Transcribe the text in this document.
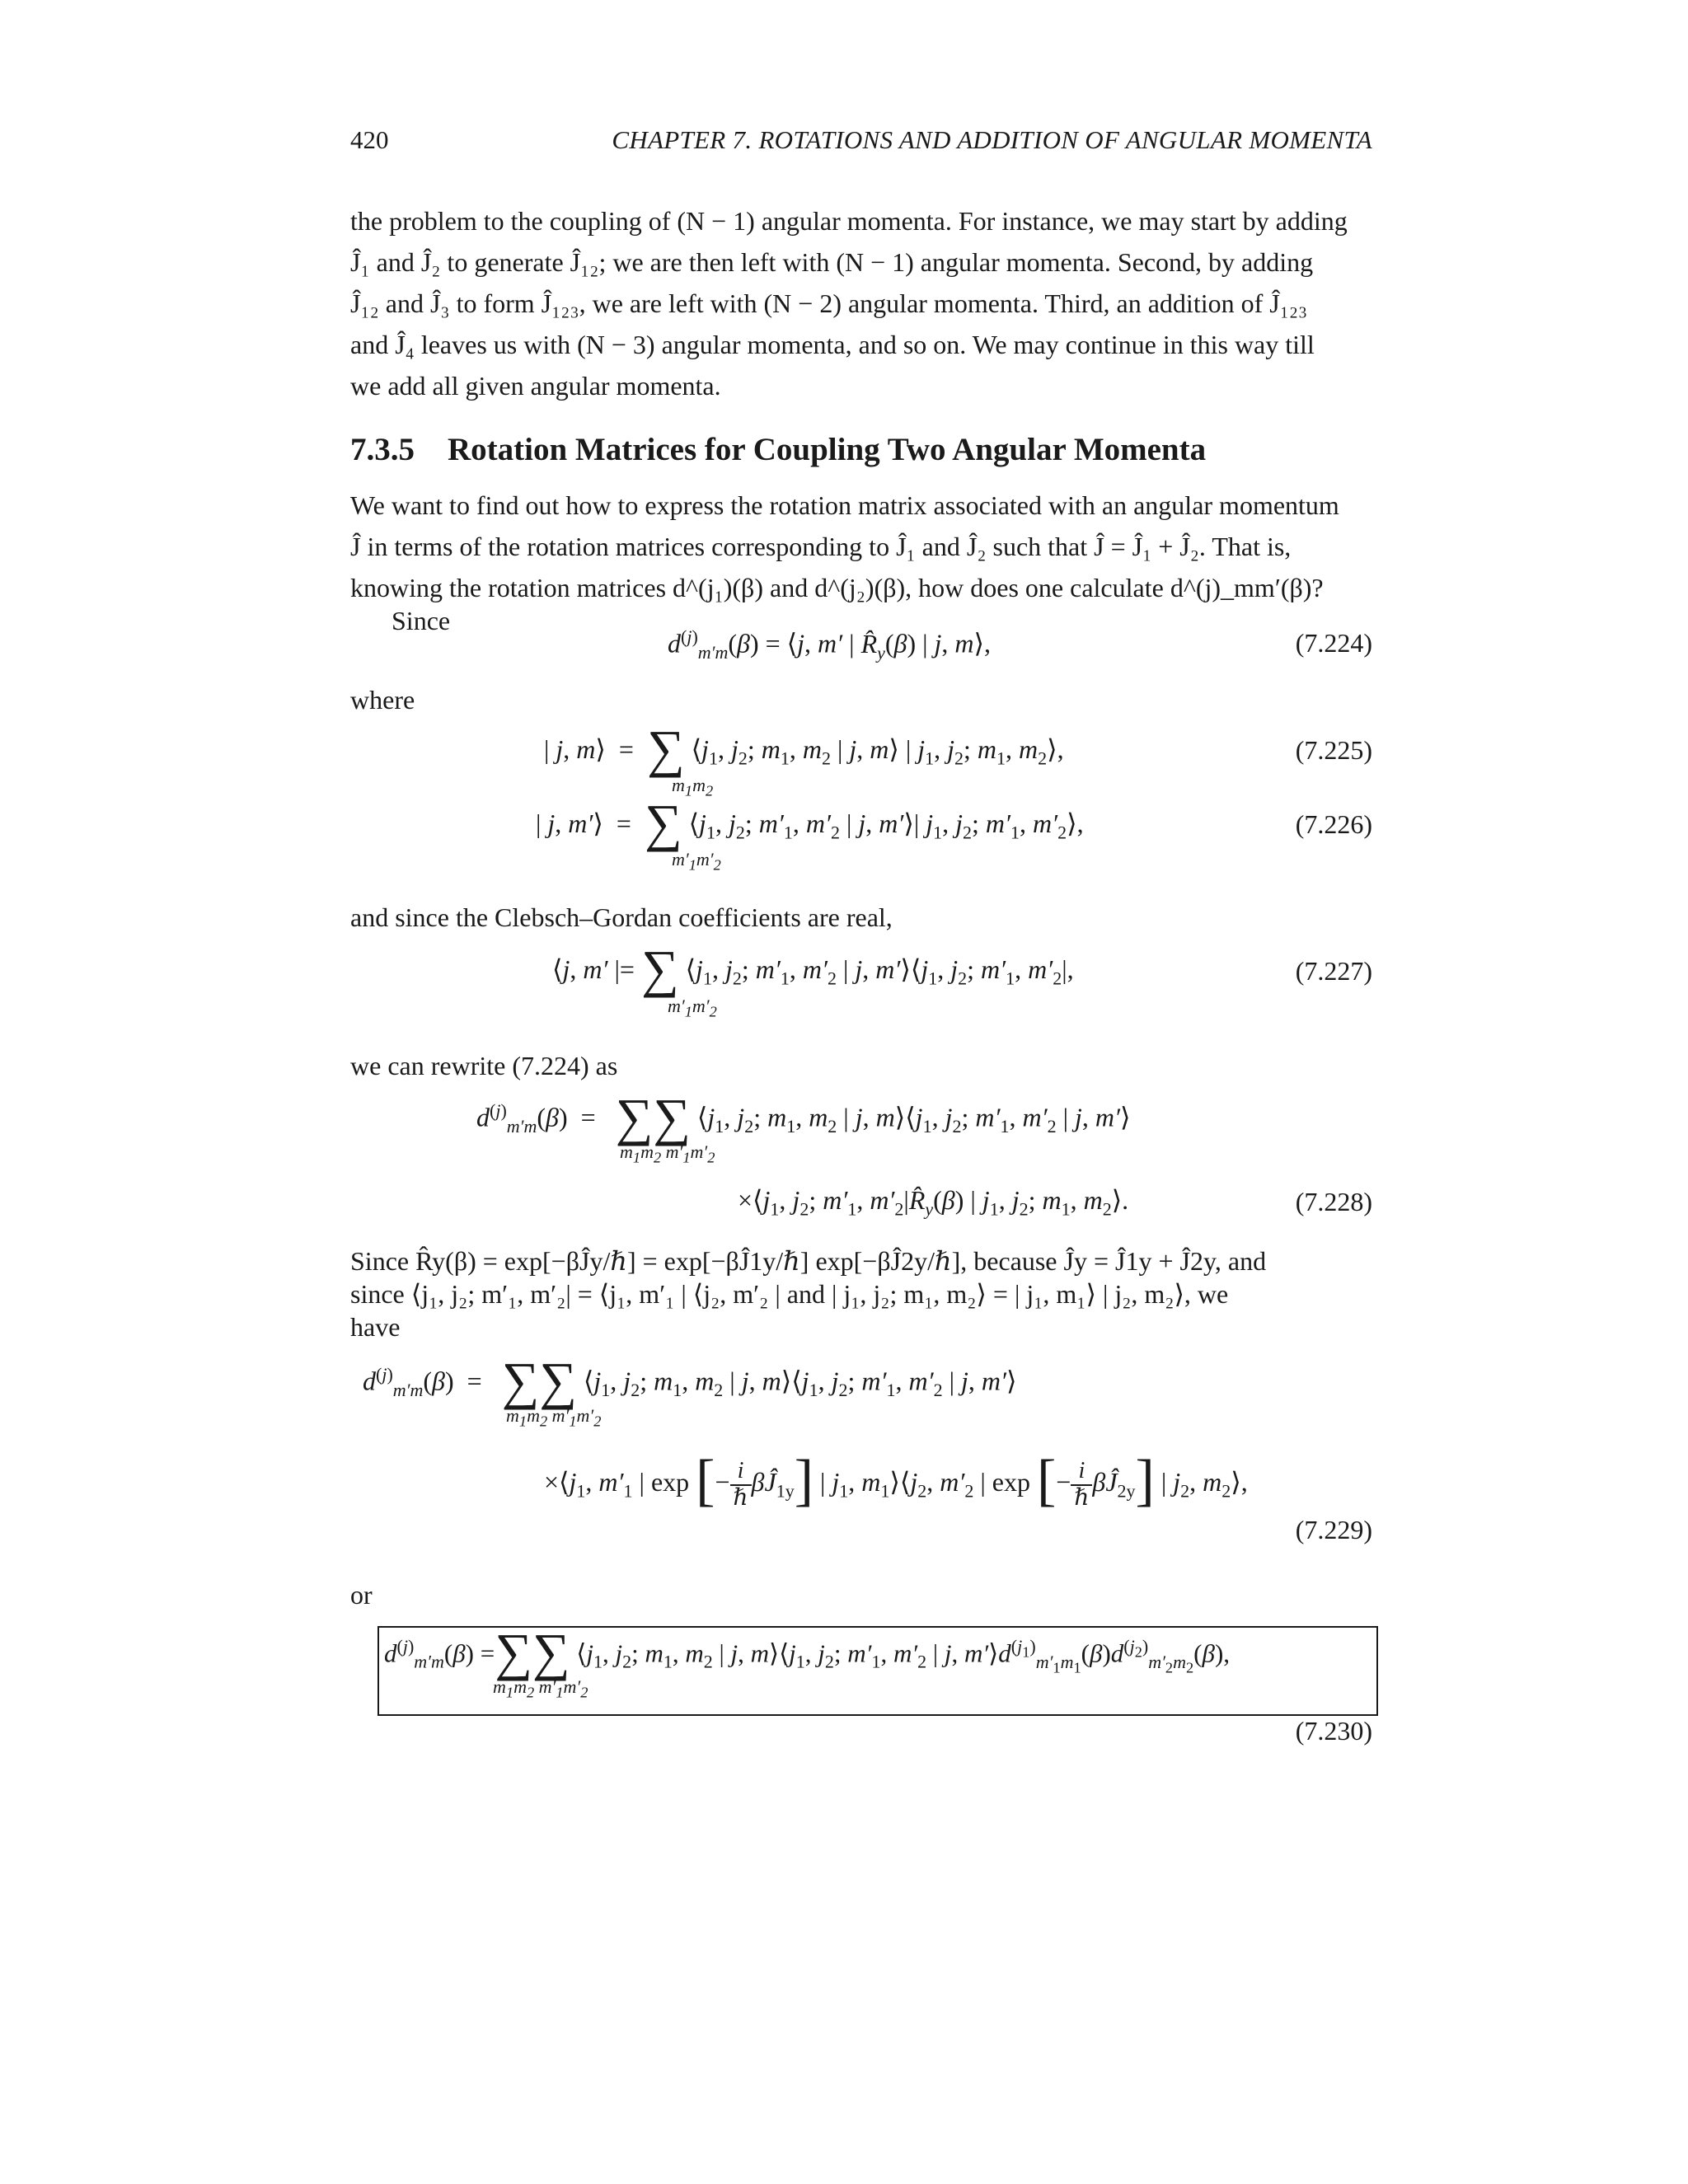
420	CHAPTER 7. ROTATIONS AND ADDITION OF ANGULAR MOMENTA
the problem to the coupling of (N − 1) angular momenta. For instance, we may start by adding
Ĵ₁ and Ĵ₂ to generate Ĵ₁₂; we are then left with (N − 1) angular momenta. Second, by adding
Ĵ₁₂ and Ĵ₃ to form Ĵ₁₂₃, we are left with (N − 2) angular momenta. Third, an addition of Ĵ₁₂₃
and Ĵ₄ leaves us with (N − 3) angular momenta, and so on. We may continue in this way till
we add all given angular momenta.
7.3.5 Rotation Matrices for Coupling Two Angular Momenta
We want to find out how to express the rotation matrix associated with an angular momentum
Ĵ in terms of the rotation matrices corresponding to Ĵ₁ and Ĵ₂ such that Ĵ = Ĵ₁ + Ĵ₂. That is,
knowing the rotation matrices d^(j₁)(β) and d^(j₂)(β), how does one calculate d^(j)_mm′(β)?
Since
$d^{(j)}_{m'm}(\beta)$ = ⟨j, m′ | $R̂_y(\beta)$ | j, m⟩,	(7.224)
where
| j, m⟩  =  ∑ $⟨j_1$, $j_2$; $m_1$, $m_2$ | j, m⟩ | $j_1$, $j_2$; $m_1$, $m_2⟩$,
$m_1m_2$
(7.225)
| j, m′⟩  =  ∑ $⟨j_1$, $j_2$; $m'_1$, $m'_2$ | j, m′⟩| $j_1$, $j_2$; $m'_1$, $m'_2⟩$,
$m'_1m'_2$
(7.226)
and since the Clebsch–Gordan coefficients are real,
⟨j, m′ |= ∑ $⟨j_1$, $j_2$; $m'_1$, $m'_2$ | j, $m'⟩⟨j_1$, $j_2$; $m'_1$, $m'_2|$,
$m'_1m'_2$
(7.227)
we can rewrite (7.224) as
$d^{(j)}_{m'm}(\beta)$  =   ∑∑ $⟨j_1$, $j_2$; $m_1$, $m_2$ | j, $m⟩⟨j_1$, $j_2$; $m'_1$, $m'_2$ | j, m′⟩
$m_1m_2$ $m'_1m'_2$
$\times⟨j_1$, $j_2$; $m'_1$, $m'_2|R̂_y(\beta)$ | $j_1$, $j_2$; $m_1$, $m_2⟩$.	(7.228)
Since R̂y(β) = exp[−βĴy/ℏ] = exp[−βĴ1y/ℏ] exp[−βĴ2y/ℏ], because Ĵy = Ĵ1y + Ĵ2y, and
since ⟨j₁, j₂; m′₁, m′₂| = ⟨j₁, m′₁ | ⟨j₂, m′₂ | and | j₁, j₂; m₁, m₂⟩ = | j₁, m₁⟩ | j₂, m₂⟩, we
have
$d^{(j)}_{m'm}(\beta)$  =   ∑∑ $⟨j_1$, $j_2$; $m_1$, $m_2$ | j, $m⟩⟨j_1$, $j_2$; $m'_1$, $m'_2$ | j, m′⟩
$m_1m_2$ $m'_1m'_2$
$\times⟨j_1$, $m'_1$ | exp [− $\frac{i}{\text{ℏ}}$ $\beta Ĵ_{1y}$] | $j_1$, $m_1⟩⟨j_2$, $m'_2$ | exp [− $\frac{i}{\text{ℏ}}$ $\beta Ĵ_{2y}$] | $j_2$, $m_2⟩$,
(7.229)
or
$d^{(j)}_{m'm}(\beta)$ =∑∑ $⟨j_1$, $j_2$; $m_1$, $m_2$ | j, $m⟩⟨j_1$, $j_2$; $m'_1$, $m'_2$ | j, $m'⟩d^{(j_1)}_{m'_1m_1}(\beta)d^{(j_2)}_{m'_2m_2}(\beta)$,
$m_1m_2$ $m'_1m'_2$
(7.230)
